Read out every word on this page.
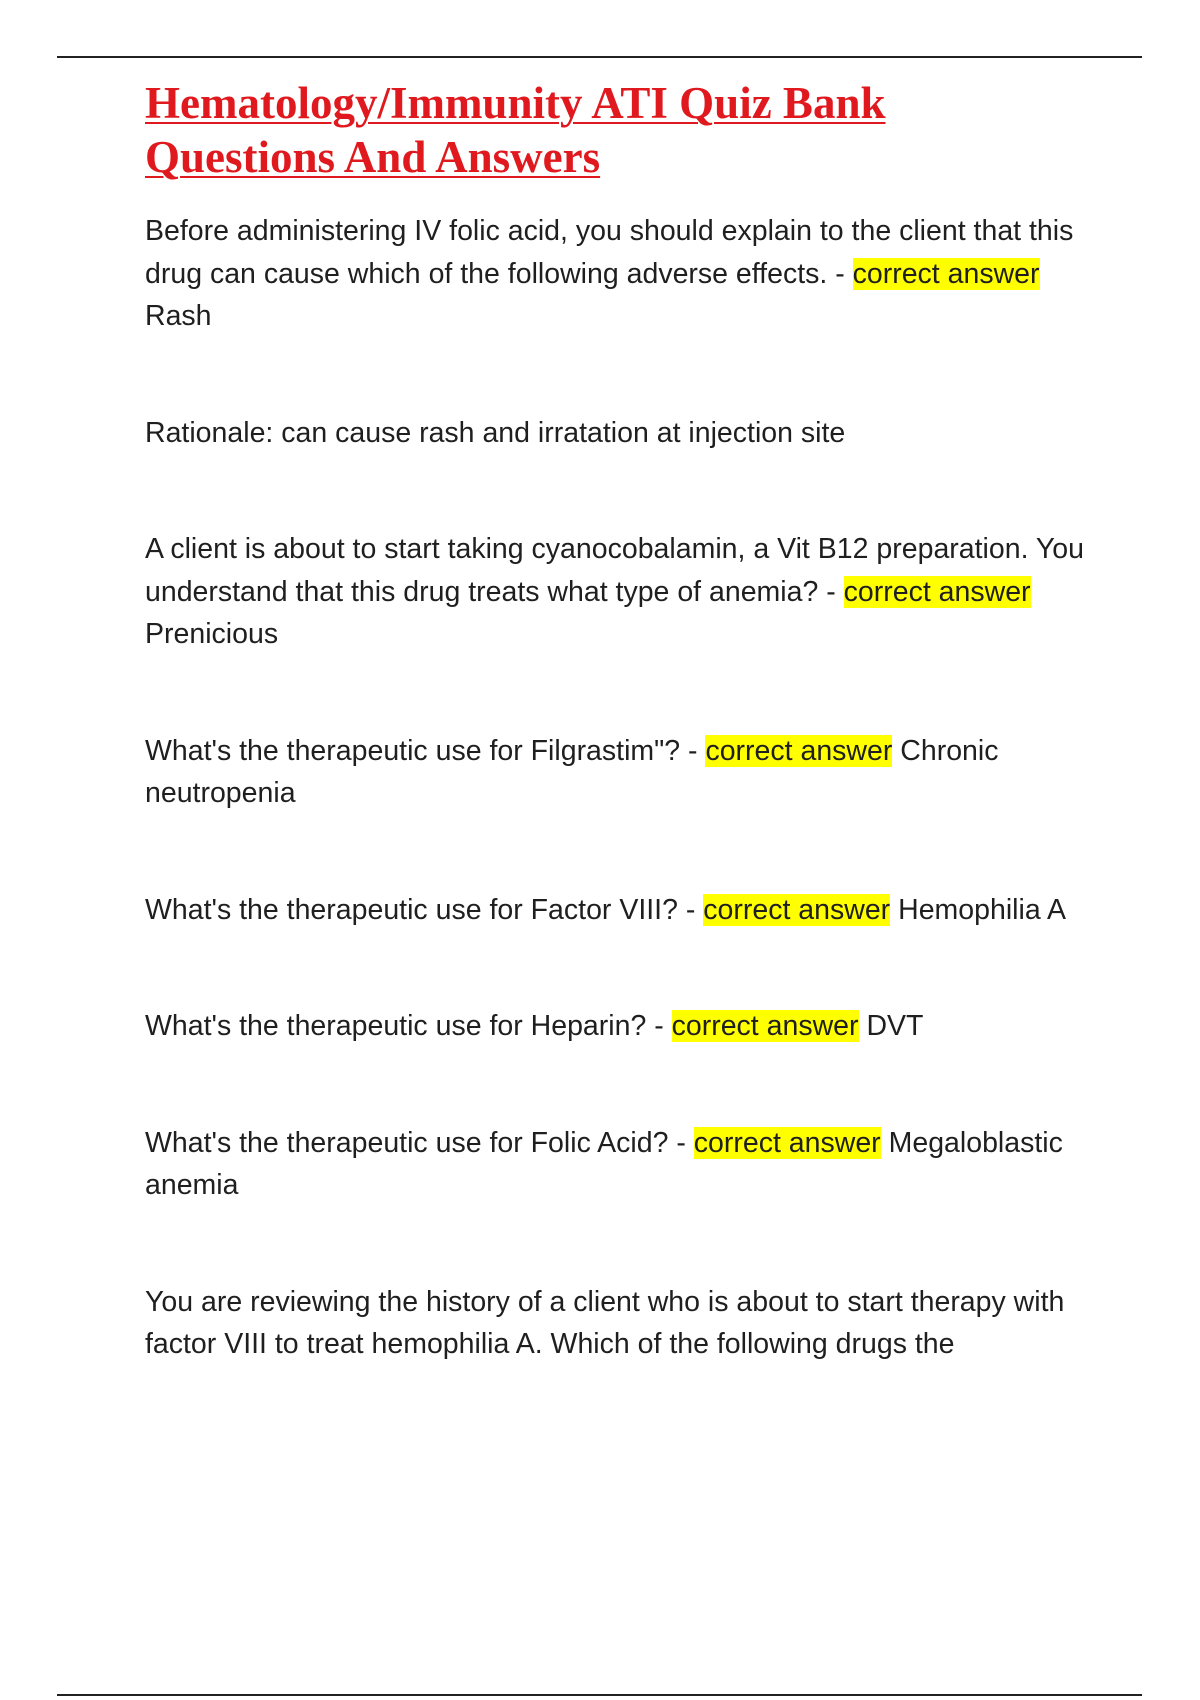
Hematology/Immunity ATI Quiz Bank
Questions And Answers

Before administering IV folic acid, you should explain to the client that this drug can cause which of the following adverse effects. - correct answer Rash

Rationale: can cause rash and irratation at injection site

A client is about to start taking cyanocobalamin, a Vit B12 preparation. You understand that this drug treats what type of anemia? - correct answer Prenicious

What's the therapeutic use for Filgrastim"? - correct answer Chronic neutropenia

What's the therapeutic use for Factor VIII? - correct answer Hemophilia A

What's the therapeutic use for Heparin? - correct answer DVT

What's the therapeutic use for Folic Acid? - correct answer Megaloblastic anemia

You are reviewing the history of a client who is about to start therapy with factor VIII to treat hemophilia A. Which of the following drugs the
